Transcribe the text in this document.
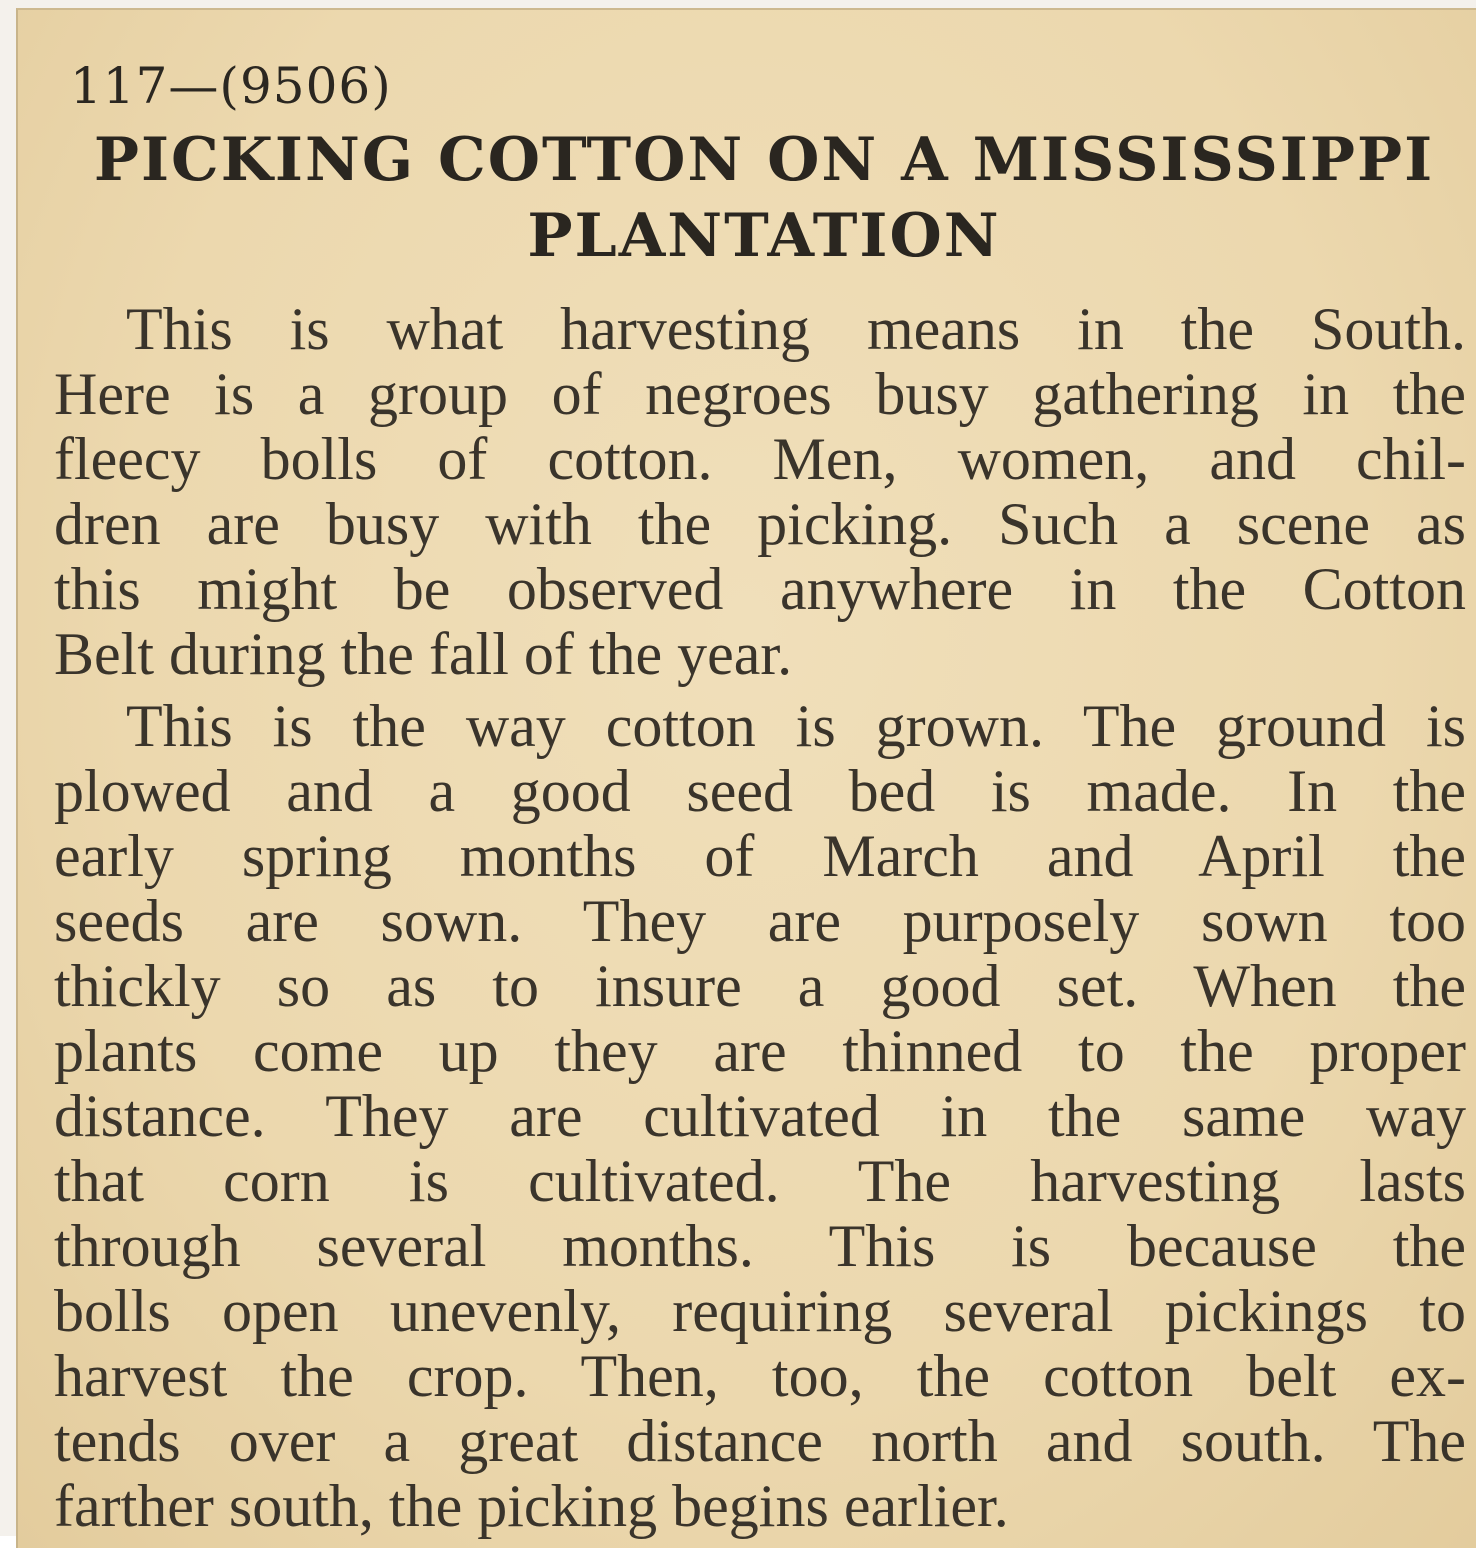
117—(9506)
PICKING COTTON ON A MISSISSIPPI
PLANTATION
This is what harvesting means in the South.
Here is a group of negroes busy gathering in the
fleecy bolls of cotton. Men, women, and chil-
dren are busy with the picking. Such a scene as
this might be observed anywhere in the Cotton
Belt during the fall of the year.
This is the way cotton is grown. The ground is
plowed and a good seed bed is made. In the
early spring months of March and April the
seeds are sown. They are purposely sown too
thickly so as to insure a good set. When the
plants come up they are thinned to the proper
distance. They are cultivated in the same way
that corn is cultivated. The harvesting lasts
through several months. This is because the
bolls open unevenly, requiring several pickings to
harvest the crop. Then, too, the cotton belt ex-
tends over a great distance north and south. The
farther south, the picking begins earlier.
